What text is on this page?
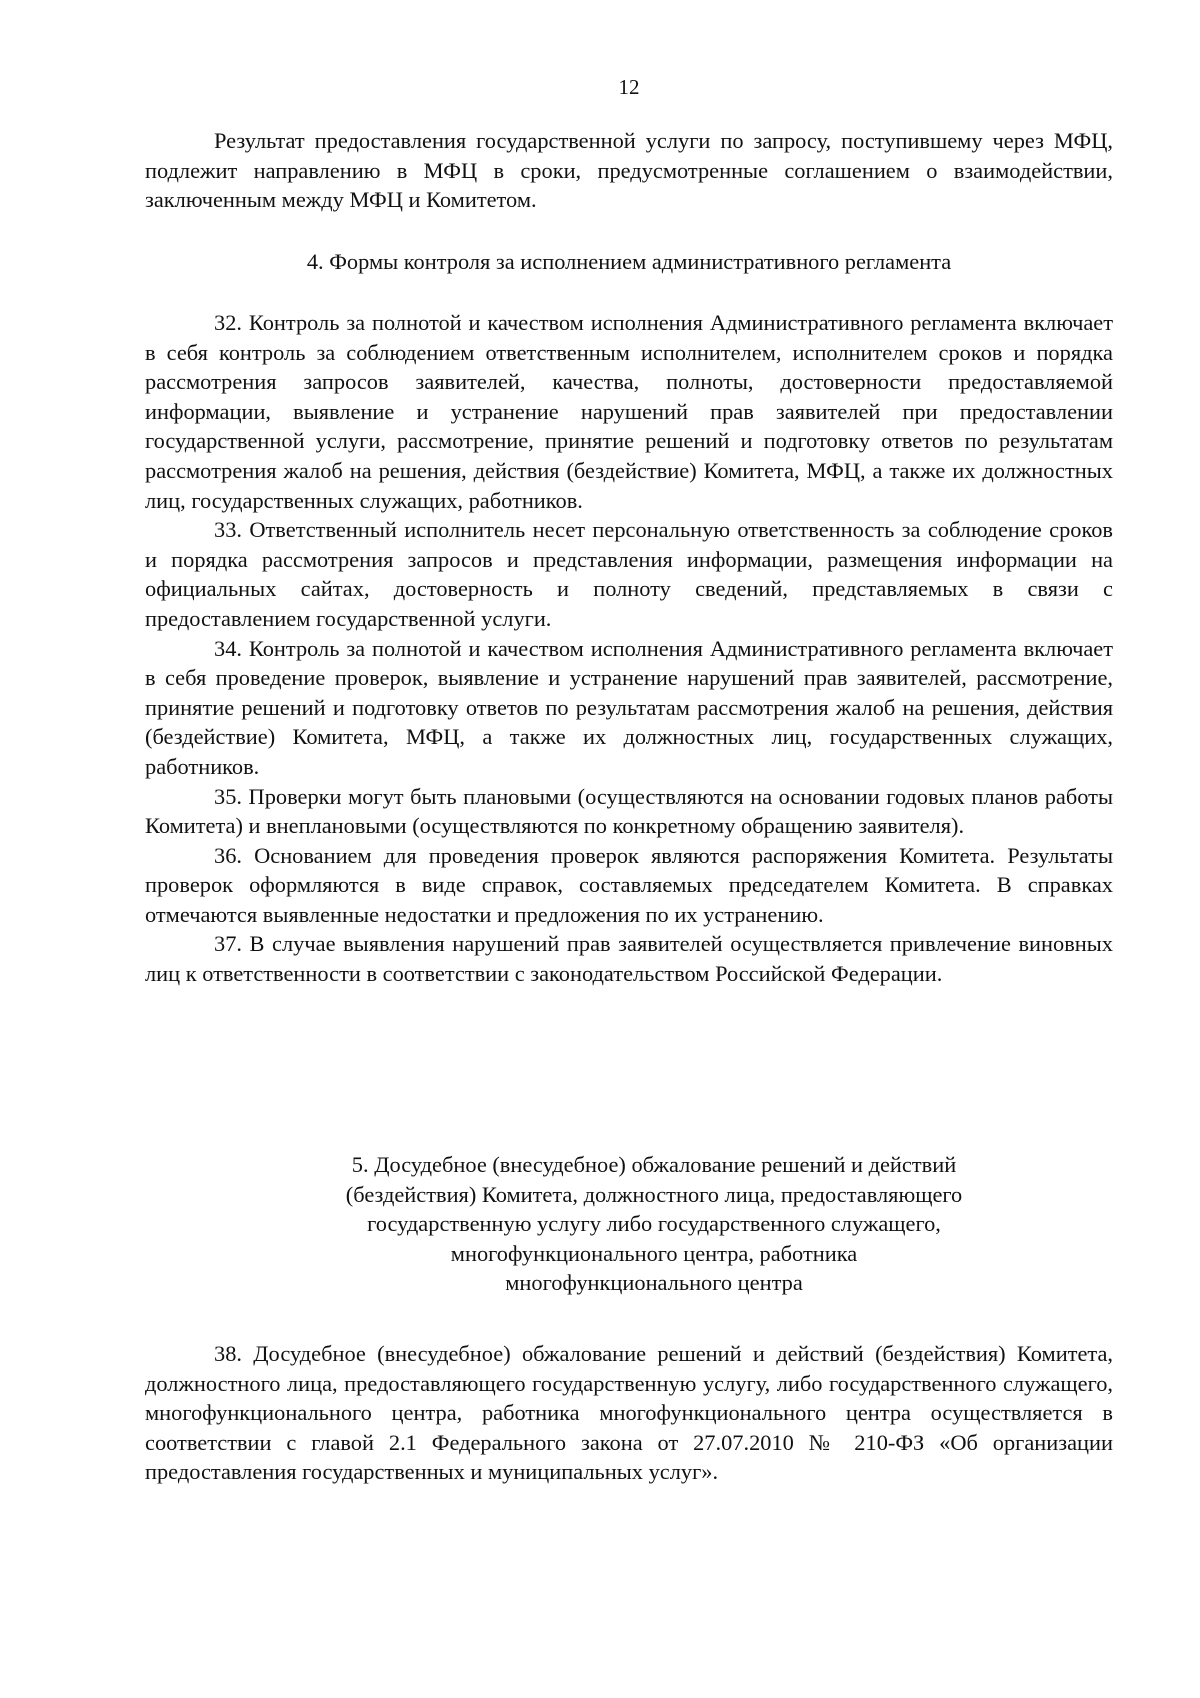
12

Результат предоставления государственной услуги по запросу, поступившему через МФЦ, подлежит направлению в МФЦ в сроки, предусмотренные соглашением о взаимодействии, заключенным между МФЦ и Комитетом.

4. Формы контроля за исполнением административного регламента

32. Контроль за полнотой и качеством исполнения Административного регламента включает в себя контроль за соблюдением ответственным исполнителем, исполнителем сроков и порядка рассмотрения запросов заявителей, качества, полноты, достоверности предоставляемой информации, выявление и устранение нарушений прав заявителей при предоставлении государственной услуги, рассмотрение, принятие решений и подготовку ответов по результатам рассмотрения жалоб на решения, действия (бездействие) Комитета, МФЦ, а также их должностных лиц, государственных служащих, работников.

33. Ответственный исполнитель несет персональную ответственность за соблюдение сроков и порядка рассмотрения запросов и представления информации, размещения информации на официальных сайтах, достоверность и полноту сведений, представляемых в связи с предоставлением государственной услуги.

34. Контроль за полнотой и качеством исполнения Административного регламента включает в себя проведение проверок, выявление и устранение нарушений прав заявителей, рассмотрение, принятие решений и подготовку ответов по результатам рассмотрения жалоб на решения, действия (бездействие) Комитета, МФЦ, а также их должностных лиц, государственных служащих, работников.

35. Проверки могут быть плановыми (осуществляются на основании годовых планов работы Комитета) и внеплановыми (осуществляются по конкретному обращению заявителя).

36. Основанием для проведения проверок являются распоряжения Комитета. Результаты проверок оформляются в виде справок, составляемых председателем Комитета. В справках отмечаются выявленные недостатки и предложения по их устранению.

37. В случае выявления нарушений прав заявителей осуществляется привлечение виновных лиц к ответственности в соответствии с законодательством Российской Федерации.

5. Досудебное (внесудебное) обжалование решений и действий
(бездействия) Комитета, должностного лица, предоставляющего
государственную услугу либо государственного служащего,
многофункционального центра, работника
многофункционального центра

38. Досудебное (внесудебное) обжалование решений и действий (бездействия) Комитета, должностного лица, предоставляющего государственную услугу, либо государственного служащего, многофункционального центра, работника многофункционального центра осуществляется в соответствии с главой 2.1 Федерального закона от 27.07.2010 № 210-ФЗ «Об организации предоставления государственных и муниципальных услуг».
